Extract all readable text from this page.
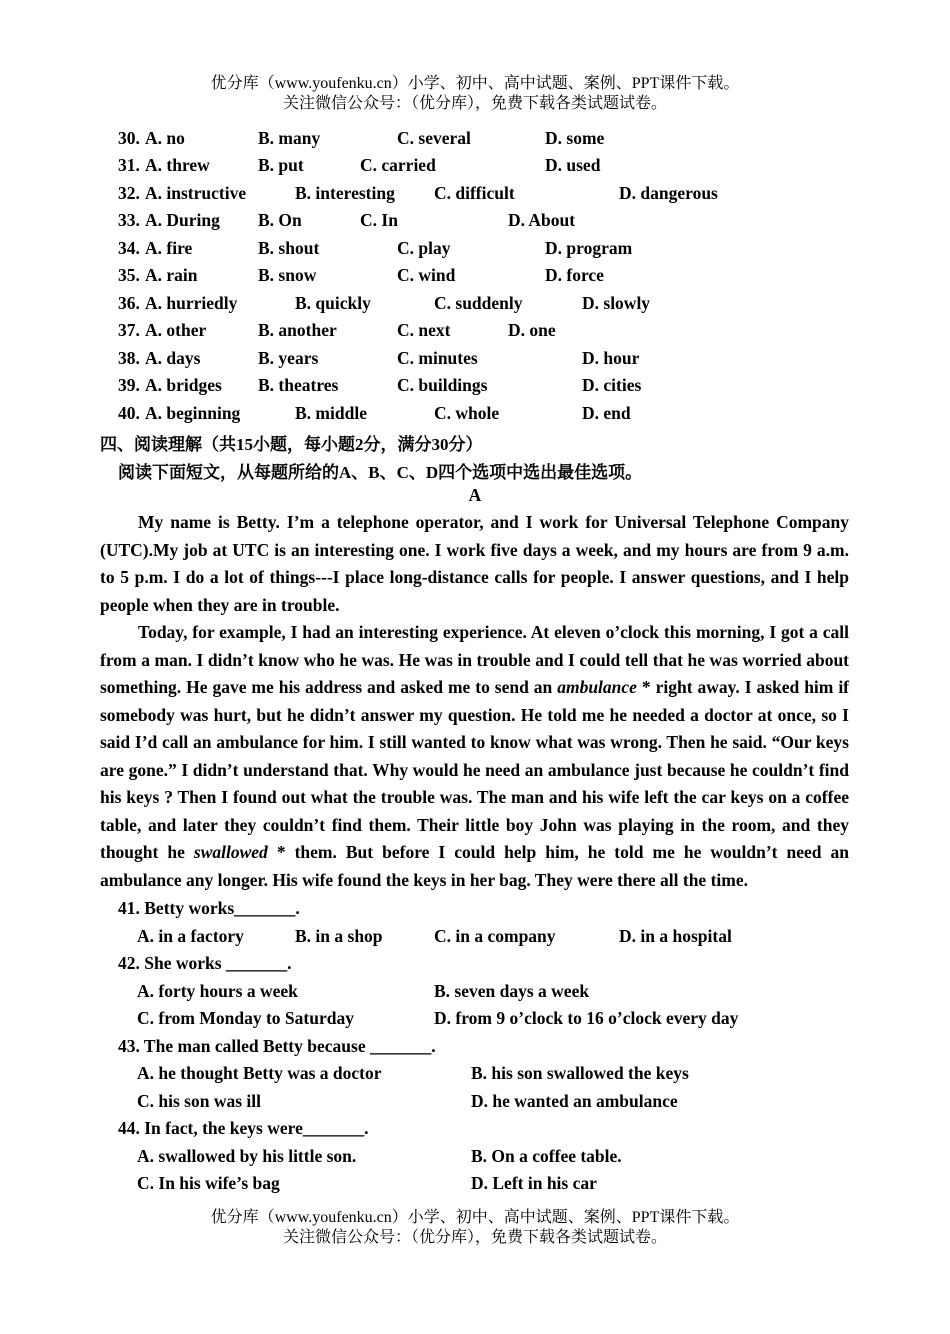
优分库（www.youfenku.cn）小学、初中、高中试题、案例、PPT课件下载。
关注微信公众号：（优分库），免费下载各类试题试卷。
30. A. no	B. many	C. several	D. some
31. A. threw	B. put	C. carried	D. used
32. A. instructive	B. interesting C. difficult	D. dangerous
33. A. During B. On	C. In	D. About
34. A. fire	B. shout	C. play	D. program
35. A. rain	B. snow	C. wind	D. force
36. A. hurriedly	B. quickly	C. suddenly	D. slowly
37. A. other	B. another	C. next	D. one
38. A. days	B. years	C. minutes	D. hour
39. A. bridges B. theatres	C. buildings	D. cities
40. A. beginning	B. middle	C. whole	D. end
四、阅读理解（共15小题，每小题2分，满分30分）
阅读下面短文，从每题所给的A、B、C、D四个选项中选出最佳选项。
A

My name is Betty. I’m a telephone operator, and I work for Universal Telephone Company (UTC).My job at UTC is an interesting one. I work five days a week, and my hours are from 9 a.m. to 5 p.m. I do a lot of things---I place long-distance calls for people. I answer questions, and I help people when they are in trouble.

Today, for example, I had an interesting experience. At eleven o’clock this morning, I got a call from a man. I didn’t know who he was. He was in trouble and I could tell that he was worried about something. He gave me his address and asked me to send an ambulance * right away. I asked him if somebody was hurt, but he didn’t answer my question. He told me he needed a doctor at once, so I said I’d call an ambulance for him. I still wanted to know what was wrong. Then he said. “Our keys are gone.” I didn’t understand that. Why would he need an ambulance just because he couldn’t find his keys ? Then I found out what the trouble was. The man and his wife left the car keys on a coffee table, and later they couldn’t find them. Their little boy John was playing in the room, and they thought he swallowed * them. But before I could help him, he told me he wouldn’t need an ambulance any longer. His wife found the keys in her bag. They were there all the time.

41. Betty works_______.
A. in a factory	B. in a shop	C. in a company	D. in a hospital
42. She works _______.
A. forty hours a week	B. seven days a week
C. from Monday to Saturday	D. from 9 o’clock to 16 o’clock every day
43. The man called Betty because _______.
A. he thought Betty was a doctor	B. his son swallowed the keys
C. his son was ill	D. he wanted an ambulance
44. In fact, the keys were_______.
A. swallowed by his little son.	B. On a coffee table.
C. In his wife’s bag	D. Left in his car
优分库（www.youfenku.cn）小学、初中、高中试题、案例、PPT课件下载。
关注微信公众号：（优分库），免费下载各类试题试卷。
